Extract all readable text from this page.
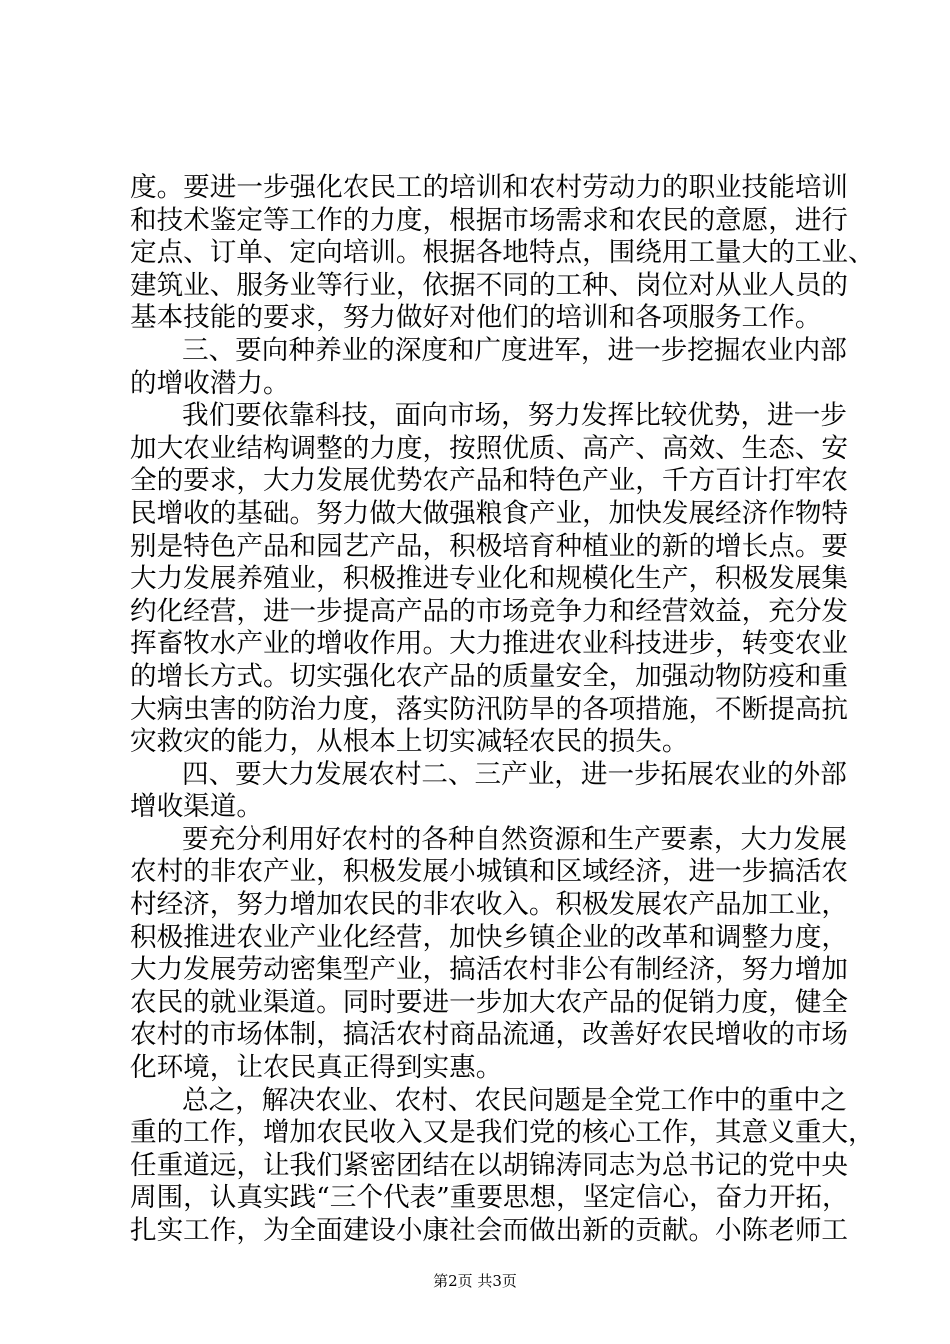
度。要进一步强化农民工的培训和农村劳动力的职业技能培训
和技术鉴定等工作的力度，根据市场需求和农民的意愿，进行
定点、订单、定向培训。根据各地特点，围绕用工量大的工业、
建筑业、服务业等行业，依据不同的工种、岗位对从业人员的
基本技能的要求，努力做好对他们的培训和各项服务工作。
三、要向种养业的深度和广度进军，进一步挖掘农业内部
的增收潜力。
我们要依靠科技，面向市场，努力发挥比较优势，进一步
加大农业结构调整的力度，按照优质、高产、高效、生态、安
全的要求，大力发展优势农产品和特色产业，千方百计打牢农
民增收的基础。努力做大做强粮食产业，加快发展经济作物特
别是特色产品和园艺产品，积极培育种植业的新的增长点。要
大力发展养殖业，积极推进专业化和规模化生产，积极发展集
约化经营，进一步提高产品的市场竞争力和经营效益，充分发
挥畜牧水产业的增收作用。大力推进农业科技进步，转变农业
的增长方式。切实强化农产品的质量安全，加强动物防疫和重
大病虫害的防治力度，落实防汛防旱的各项措施，不断提高抗
灾救灾的能力，从根本上切实减轻农民的损失。
四、要大力发展农村二、三产业，进一步拓展农业的外部
增收渠道。
要充分利用好农村的各种自然资源和生产要素，大力发展
农村的非农产业，积极发展小城镇和区域经济，进一步搞活农
村经济，努力增加农民的非农收入。积极发展农产品加工业，
积极推进农业产业化经营，加快乡镇企业的改革和调整力度，
大力发展劳动密集型产业，搞活农村非公有制经济，努力增加
农民的就业渠道。同时要进一步加大农产品的促销力度，健全
农村的市场体制，搞活农村商品流通，改善好农民增收的市场
化环境，让农民真正得到实惠。
总之，解决农业、农村、农民问题是全党工作中的重中之
重的工作，增加农民收入又是我们党的核心工作，其意义重大，
任重道远，让我们紧密团结在以胡锦涛同志为总书记的党中央
周围，认真实践“三个代表”重要思想，坚定信心，奋力开拓，
扎实工作，为全面建设小康社会而做出新的贡献。小陈老师工
第2页 共3页
